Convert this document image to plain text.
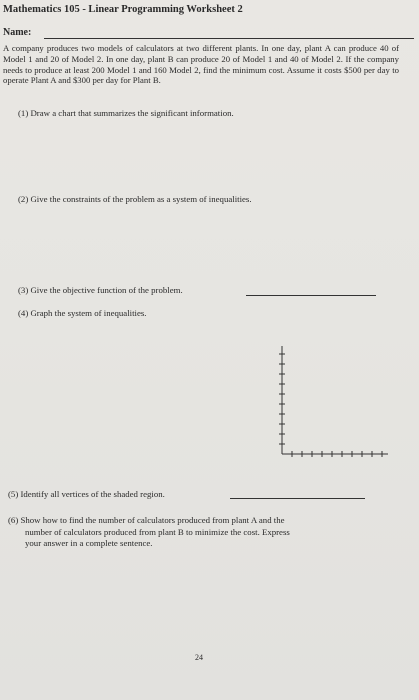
Mathematics 105 - Linear Programming Worksheet 2
Name:
A company produces two models of calculators at two different plants. In one day, plant A can produce 40 of Model 1 and 20 of Model 2. In one day, plant B can produce 20 of Model 1 and 40 of Model 2. If the company needs to produce at least 200 Model 1 and 160 Model 2, find the minimum cost. Assume it costs $500 per day to operate Plant A and $300 per day for Plant B.
(1) Draw a chart that summarizes the significant information.
(2) Give the constraints of the problem as a system of inequalities.
(3) Give the objective function of the problem.
(4) Graph the system of inequalities.
(5) Identify all vertices of the shaded region.
(6) Show how to find the number of calculators produced from plant A and the
number of calculators produced from plant B to minimize the cost. Express
your answer in a complete sentence.
24
